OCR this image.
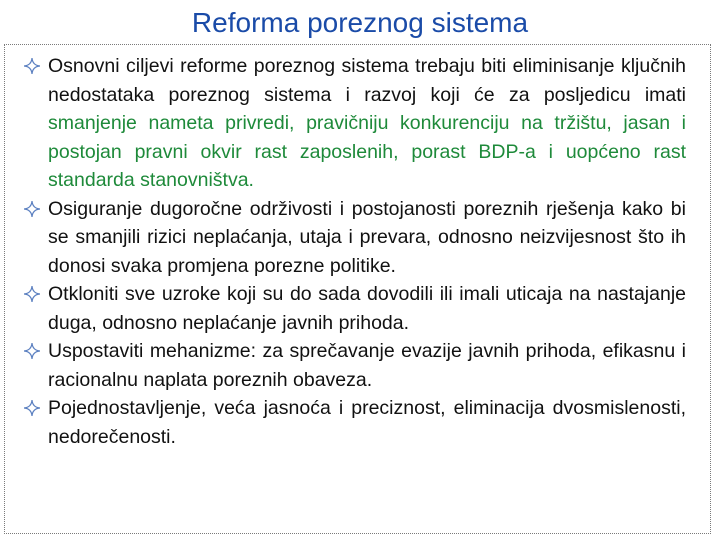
Reforma poreznog sistema

Osnovni ciljevi reforme poreznog sistema trebaju biti eliminisanje ključnih nedostataka poreznog sistema i razvoj koji će za posljedicu imati smanjenje nameta privredi, pravičniju konkurenciju na tržištu, jasan i postojan pravni okvir rast zaposlenih, porast BDP-a i uopćeno rast standarda stanovništva.

Osiguranje dugoročne održivosti i postojanosti poreznih rješenja kako bi se smanjili rizici neplaćanja, utaja i prevara, odnosno neizvijesnost što ih donosi svaka promjena porezne politike.

Otkloniti sve uzroke koji su do sada dovodili ili imali uticaja na nastajanje duga, odnosno neplaćanje javnih prihoda.

Uspostaviti mehanizme: za sprečavanje evazije javnih prihoda, efikasnu i racionalnu naplata poreznih obaveza.

Pojednostavljenje, veća jasnoća i preciznost, eliminacija dvosmislenosti, nedorečenosti.
